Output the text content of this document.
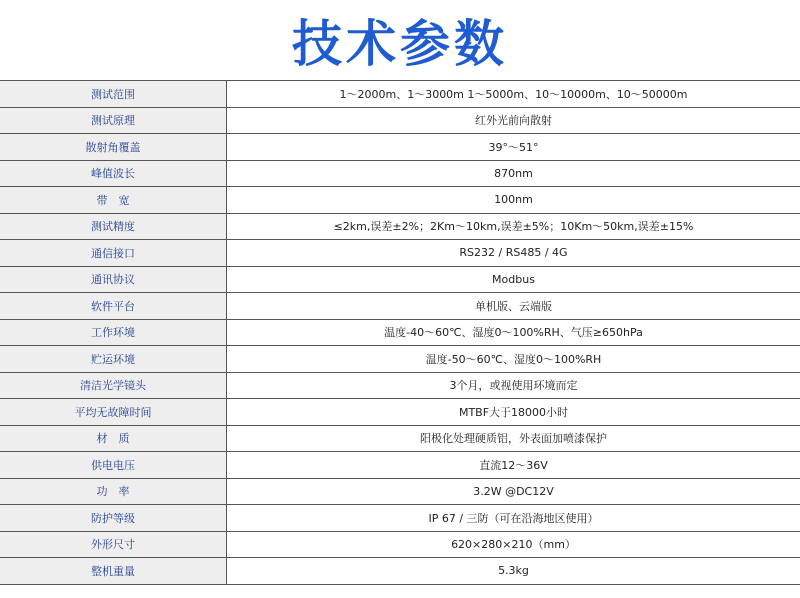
技术参数
测试范围	1～2000m、1～3000m 1～5000m、10～10000m、10～50000m
测试原理	红外光前向散射
散射角覆盖	39°～51°
峰值波长	870nm
带　宽	100nm
测试精度	≤2km,误差±2%；2Km～10km,误差±5%；10Km～50km,误差±15%
通信接口	RS232 / RS485 / 4G
通讯协议	Modbus
软件平台	单机版、云端版
工作环境	温度-40～60℃、湿度0～100%RH、气压≥650hPa
贮运环境	温度-50～60℃、湿度0～100%RH
清洁光学镜头	3个月，或视使用环境而定
平均无故障时间	MTBF大于18000小时
材　质	阳极化处理硬质铝，外表面加喷漆保护
供电电压	直流12～36V
功　率	3.2W @DC12V
防护等级	IP 67 / 三防（可在沿海地区使用）
外形尺寸	620×280×210（mm）
整机重量	5.3kg
